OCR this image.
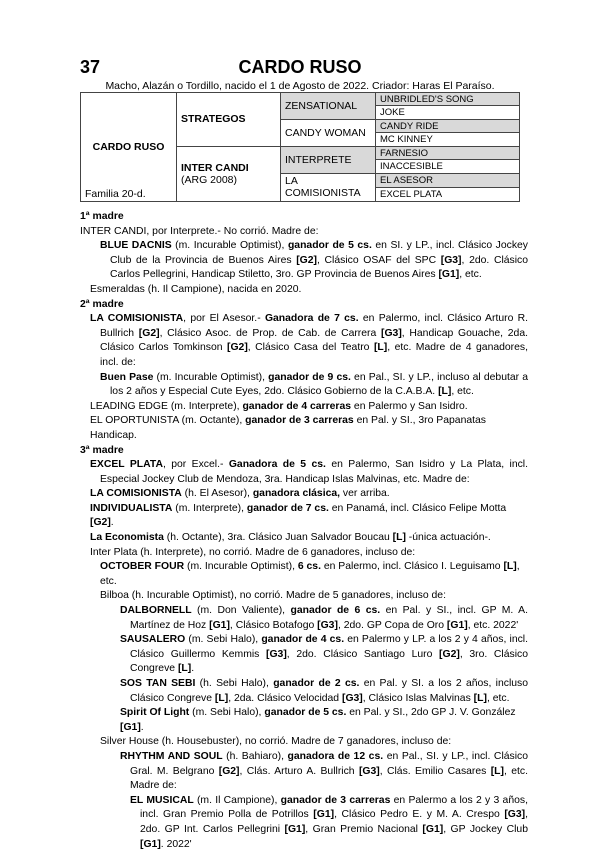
37	CARDO RUSO
Macho, Alazán o Tordillo, nacido el 1 de Agosto de 2022. Criador: Haras El Paraíso.
CARDO RUSO
Familia 20-d.	STRATEGOS	ZENSATIONAL	UNBRIDLED'S SONG
			JOKE
		CANDY WOMAN	CANDY RIDE
			MC KINNEY

	INTER CANDI
(ARG 2008)	INTERPRETE	FARNESIO
			INACCESIBLE
		LA COMISIONISTA	EL ASESOR
			EXCEL PLATA

1ª madre

INTER CANDI, por Interprete.- No corrió. Madre de:

BLUE DACNIS (m. Incurable Optimist), ganador de 5 cs. en SI. y LP., incl. Clásico Jockey Club de la Provincia de Buenos Aires [G2], Clásico OSAF del SPC [G3], 2do. Clásico Carlos Pellegrini, Handicap Stiletto, 3ro. GP Provincia de Buenos Aires [G1], etc.

Esmeraldas (h. Il Campione), nacida en 2020.

2ª madre

LA COMISIONISTA, por El Asesor.- Ganadora de 7 cs. en Palermo, incl. Clásico Arturo R. Bullrich [G2], Clásico Asoc. de Prop. de Cab. de Carrera [G3], Handicap Gouache, 2da. Clásico Carlos Tomkinson [G2], Clásico Casa del Teatro [L], etc. Madre de 4 ganadores, incl. de:

Buen Pase (m. Incurable Optimist), ganador de 9 cs. en Pal., SI. y LP., incluso al debutar a los 2 años y Especial Cute Eyes, 2do. Clásico Gobierno de la C.A.B.A. [L], etc.

LEADING EDGE (m. Interprete), ganador de 4 carreras en Palermo y San Isidro.

EL OPORTUNISTA (m. Octante), ganador de 3 carreras en Pal. y SI., 3ro Papanatas Handicap.

3ª madre

EXCEL PLATA, por Excel.- Ganadora de 5 cs. en Palermo, San Isidro y La Plata, incl. Especial Jockey Club de Mendoza, 3ra. Handicap Islas Malvinas, etc. Madre de:

LA COMISIONISTA (h. El Asesor), ganadora clásica, ver arriba.

INDIVIDUALISTA (m. Interprete), ganador de 7 cs. en Panamá, incl. Clásico Felipe Motta [G2].

La Economista (h. Octante), 3ra. Clásico Juan Salvador Boucau [L] -única actuación-.

Inter Plata (h. Interprete), no corrió. Madre de 6 ganadores, incluso de:

OCTOBER FOUR (m. Incurable Optimist), 6 cs. en Palermo, incl. Clásico I. Leguisamo [L], etc.

Bilboa (h. Incurable Optimist), no corrió. Madre de 5 ganadores, incluso de:

DALBORNELL (m. Don Valiente), ganador de 6 cs. en Pal. y SI., incl. GP M. A. Martínez de Hoz [G1], Clásico Botafogo [G3], 2do. GP Copa de Oro [G1], etc. 2022'

SAUSALERO (m. Sebi Halo), ganador de 4 cs. en Palermo y LP. a los 2 y 4 años, incl. Clásico Guillermo Kemmis [G3], 2do. Clásico Santiago Luro [G2], 3ro. Clásico Congreve [L].

SOS TAN SEBI (h. Sebi Halo), ganador de 2 cs. en Pal. y SI. a los 2 años, incluso Clásico Congreve [L], 2da. Clásico Velocidad [G3], Clásico Islas Malvinas [L], etc.

Spirit Of Light (m. Sebi Halo), ganador de 5 cs. en Pal. y SI., 2do GP J. V. González [G1].

Silver House (h. Housebuster), no corrió. Madre de 7 ganadores, incluso de:

RHYTHM AND SOUL (h. Bahiaro), ganadora de 12 cs. en Pal., SI. y LP., incl. Clásico Gral. M. Belgrano [G2], Clás. Arturo A. Bullrich [G3], Clás. Emilio Casares [L], etc. Madre de:

EL MUSICAL (m. Il Campione), ganador de 3 carreras en Palermo a los 2 y 3 años, incl. Gran Premio Polla de Potrillos [G1], Clásico Pedro E. y M. A. Crespo [G3], 2do. GP Int. Carlos Pellegrini [G1], Gran Premio Nacional [G1], GP Jockey Club [G1]. 2022'
